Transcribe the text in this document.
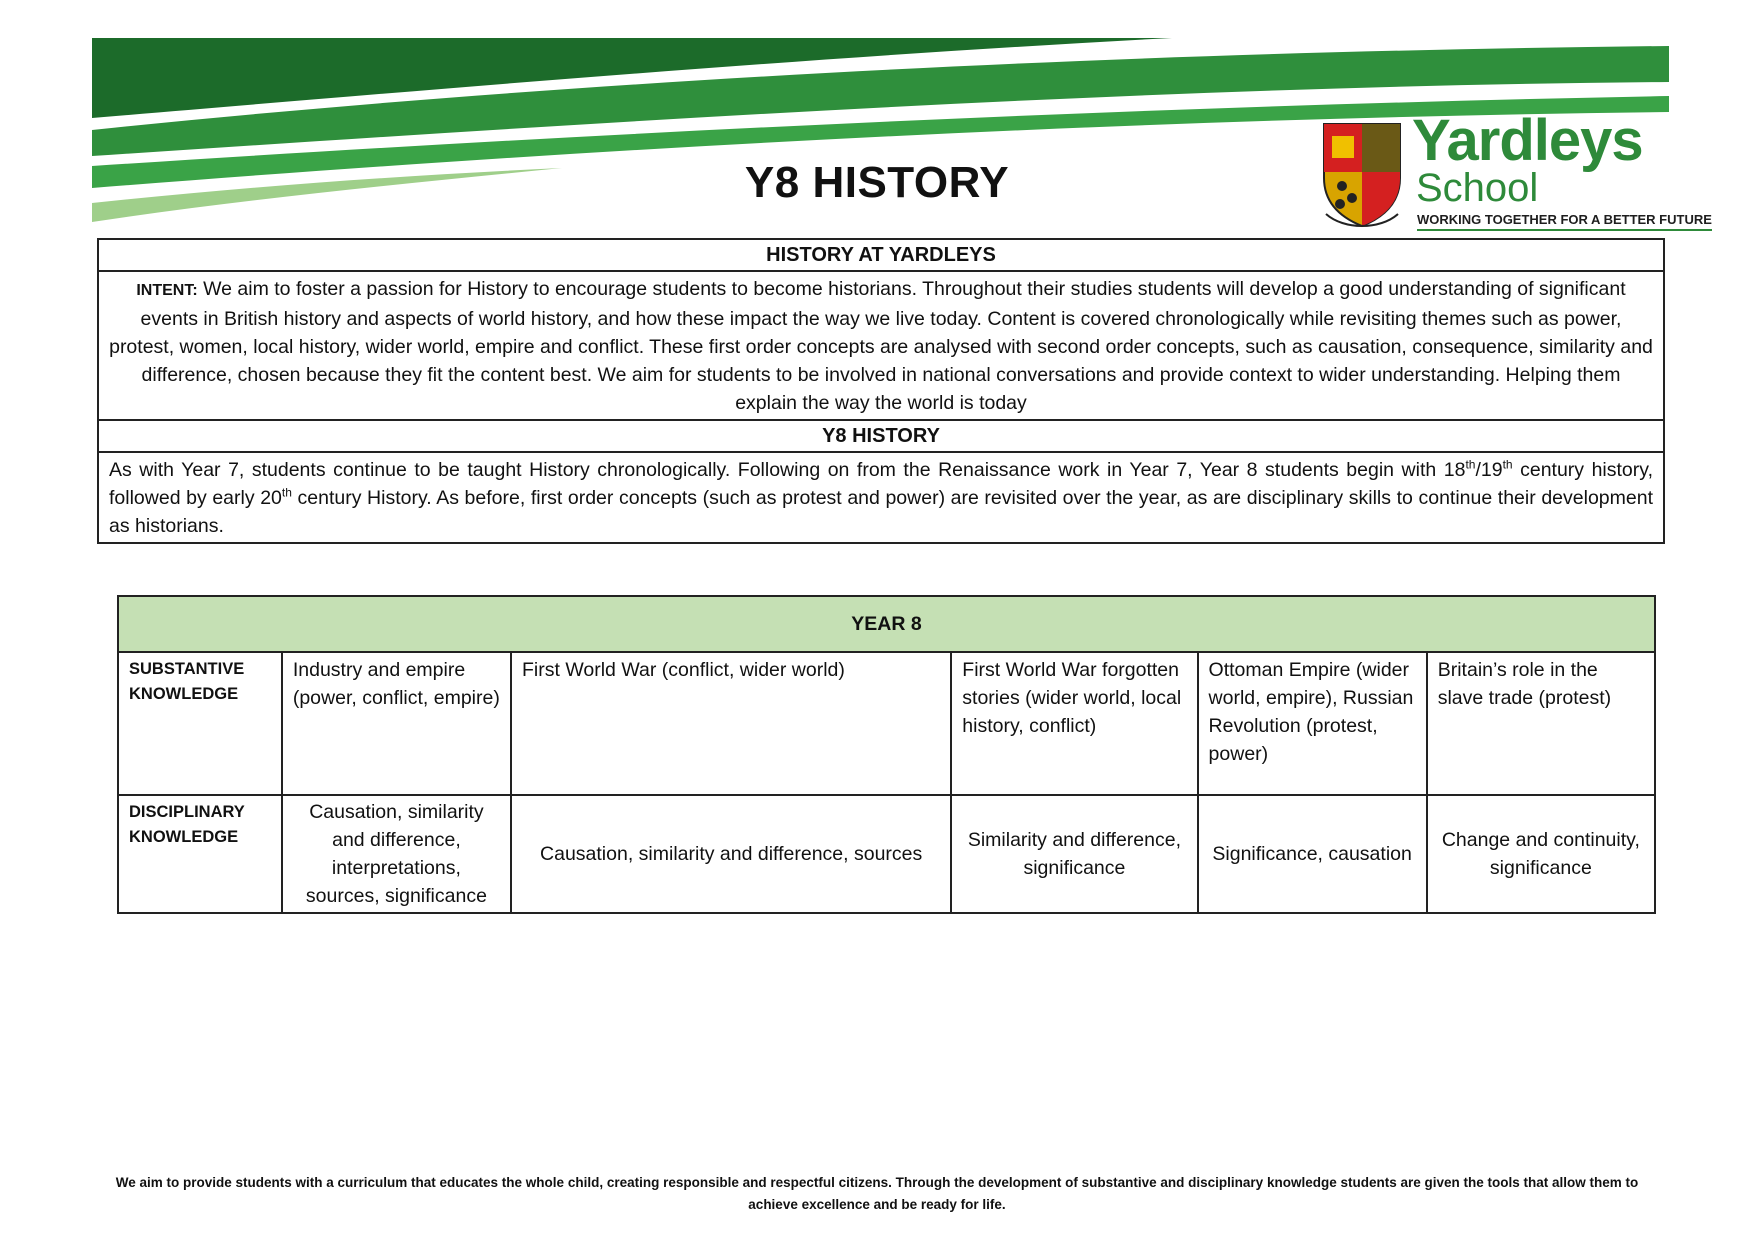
Y8 HISTORY
Yardleys
School
WORKING TOGETHER FOR A BETTER FUTURE
HISTORY AT YARDLEYS
INTENT: We aim to foster a passion for History to encourage students to become historians. Throughout their studies students will develop a good understanding of significant events in British history and aspects of world history, and how these impact the way we live today. Content is covered chronologically while revisiting themes such as power, protest, women, local history, wider world, empire and conflict. These first order concepts are analysed with second order concepts, such as causation, consequence, similarity and difference, chosen because they fit the content best. We aim for students to be involved in national conversations and provide context to wider understanding. Helping them explain the way the world is today
Y8 HISTORY
As with Year 7, students continue to be taught History chronologically. Following on from the Renaissance work in Year 7, Year 8 students begin with 18th/19th century history, followed by early 20th century History. As before, first order concepts (such as protest and power) are revisited over the year, as are disciplinary skills to continue their development as historians.
YEAR 8					
SUBSTANTIVE KNOWLEDGE	Industry and empire (power, conflict, empire)	First World War (conflict, wider world)	First World War forgotten stories (wider world, local history, conflict)	Ottoman Empire (wider world, empire), Russian Revolution (protest, power)	Britain’s role in the slave trade (protest)
DISCIPLINARY KNOWLEDGE	Causation, similarity and difference, interpretations, sources, significance	Causation, similarity and difference, sources	Similarity and difference, significance	Significance, causation	Change and continuity, significance
We aim to provide students with a curriculum that educates the whole child, creating responsible and respectful citizens. Through the development of substantive and disciplinary knowledge students are given the tools that allow them to achieve excellence and be ready for life.
